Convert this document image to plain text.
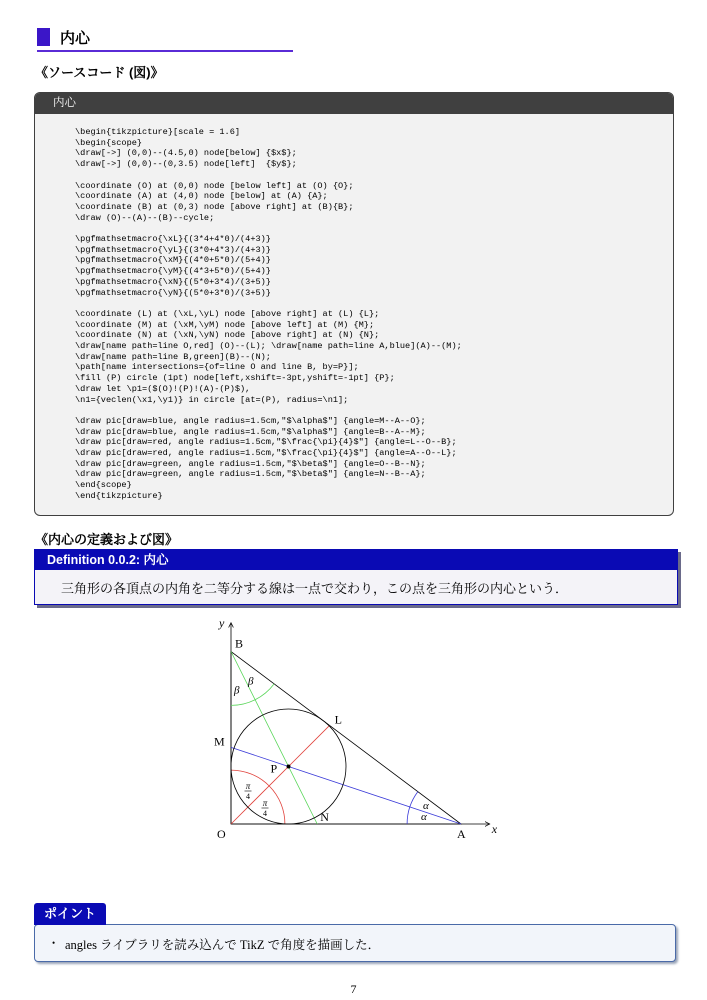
内心
《ソースコード (図)》
内心
\begin{tikzpicture}[scale = 1.6]
\begin{scope}
\draw[->] (0,0)--(4.5,0) node[below] {$x$};
\draw[->] (0,0)--(0,3.5) node[left]  {$y$};
\coordinate (O) at (0,0) node [below left] at (O) {O};
\coordinate (A) at (4,0) node [below] at (A) {A};
\coordinate (B) at (0,3) node [above right] at (B){B};
\draw (O)--(A)--(B)--cycle;
\pgfmathsetmacro{\xL}{(3*4+4*0)/(4+3)}
\pgfmathsetmacro{\yL}{(3*0+4*3)/(4+3)}
\pgfmathsetmacro{\xM}{(4*0+5*0)/(5+4)}
\pgfmathsetmacro{\yM}{(4*3+5*0)/(5+4)}
\pgfmathsetmacro{\xN}{(5*0+3*4)/(3+5)}
\pgfmathsetmacro{\yN}{(5*0+3*0)/(3+5)}
\coordinate (L) at (\xL,\yL) node [above right] at (L) {L};
\coordinate (M) at (\xM,\yM) node [above left] at (M) {M};
\coordinate (N) at (\xN,\yN) node [above right] at (N) {N};
\draw[name path=line O,red] (O)--(L); \draw[name path=line A,blue](A)--(M);
\draw[name path=line B,green](B)--(N);
\path[name intersections={of=line O and line B, by=P}];
\fill (P) circle (1pt) node[left,xshift=-3pt,yshift=-1pt] {P};
\draw let \p1=($(O)!(P)!(A)-(P)$),
\n1={veclen(\x1,\y1)} in circle [at=(P), radius=\n1];
\draw pic[draw=blue, angle radius=1.5cm,"$\alpha$"] {angle=M--A--O};
\draw pic[draw=blue, angle radius=1.5cm,"$\alpha$"] {angle=B--A--M};
\draw pic[draw=red, angle radius=1.5cm,"$\frac{\pi}{4}$"] {angle=L--O--B};
\draw pic[draw=red, angle radius=1.5cm,"$\frac{\pi}{4}$"] {angle=A--O--L};
\draw pic[draw=green, angle radius=1.5cm,"$\beta$"] {angle=O--B--N};
\draw pic[draw=green, angle radius=1.5cm,"$\beta$"] {angle=N--B--A};
\end{scope}
\end{tikzpicture}
《内心の定義および図》
Definition 0.0.2: 内心
三角形の各頂点の内角を二等分する線は一点で交わり，この点を三角形の内心という．
x
y
O	A
B
L
M
N
P
α
α
β
β
π
4
π
4
• angles ライブラリを読み込んで TikZ で角度を描画した．
ポイント
7
